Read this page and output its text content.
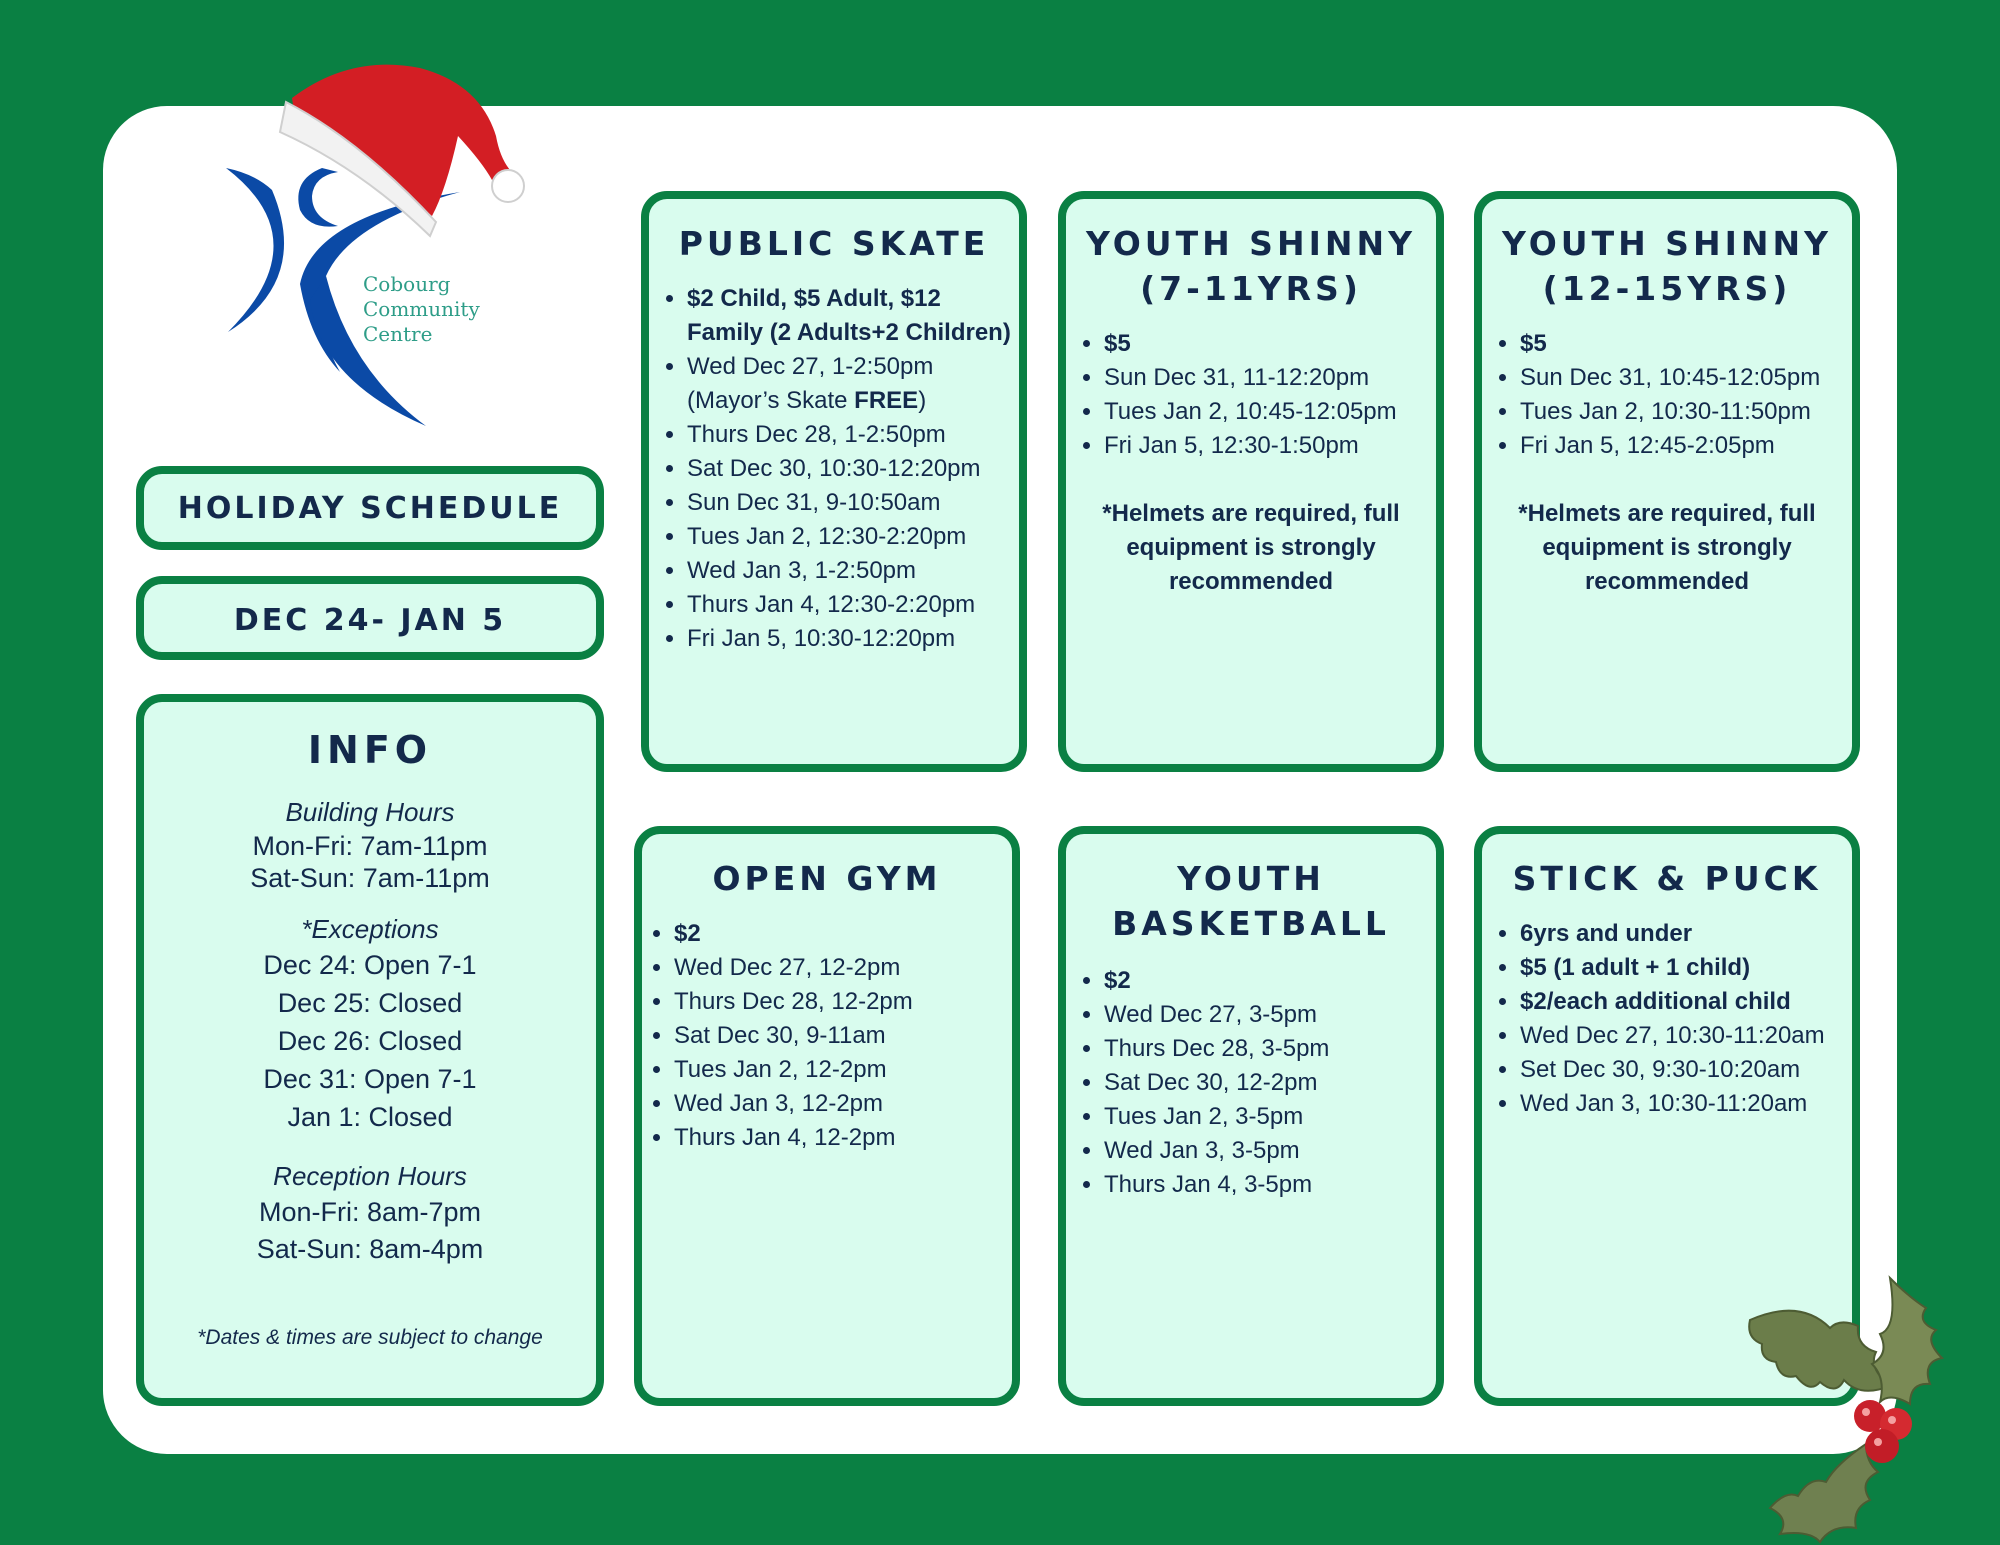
Cobourg
Community
Centre
HOLIDAY SCHEDULE
DEC 24- JAN 5
INFO
Building Hours
Mon-Fri: 7am-11pm
Sat-Sun: 7am-11pm
*Exceptions
Dec 24: Open 7-1
Dec 25: Closed
Dec 26: Closed
Dec 31: Open 7-1
Jan 1: Closed
Reception Hours
Mon-Fri: 8am-7pm
Sat-Sun: 8am-4pm
*Dates & times are subject to change
PUBLIC SKATE
• $2 Child, $5 Adult, $12 Family (2 Adults+2 Children)
• Wed Dec 27, 1-2:50pm (Mayor’s Skate FREE)
• Thurs Dec 28, 1-2:50pm
• Sat Dec 30, 10:30-12:20pm
• Sun Dec 31, 9-10:50am
• Tues Jan 2, 12:30-2:20pm
• Wed Jan 3, 1-2:50pm
• Thurs Jan 4, 12:30-2:20pm
• Fri Jan 5, 10:30-12:20pm
YOUTH SHINNY
(7-11YRS)
• $5
• Sun Dec 31, 11-12:20pm
• Tues Jan 2, 10:45-12:05pm
• Fri Jan 5, 12:30-1:50pm
*Helmets are required, full equipment is strongly recommended
YOUTH SHINNY
(12-15YRS)
• $5
• Sun Dec 31, 10:45-12:05pm
• Tues Jan 2, 10:30-11:50pm
• Fri Jan 5, 12:45-2:05pm
*Helmets are required, full equipment is strongly recommended
OPEN GYM
• $2
• Wed Dec 27, 12-2pm
• Thurs Dec 28, 12-2pm
• Sat Dec 30, 9-11am
• Tues Jan 2, 12-2pm
• Wed Jan 3, 12-2pm
• Thurs Jan 4, 12-2pm
YOUTH
BASKETBALL
• $2
• Wed Dec 27, 3-5pm
• Thurs Dec 28, 3-5pm
• Sat Dec 30, 12-2pm
• Tues Jan 2, 3-5pm
• Wed Jan 3, 3-5pm
• Thurs Jan 4, 3-5pm
STICK & PUCK
• 6yrs and under
• $5 (1 adult + 1 child)
• $2/each additional child
• Wed Dec 27, 10:30-11:20am
• Set Dec 30, 9:30-10:20am
• Wed Jan 3, 10:30-11:20am
